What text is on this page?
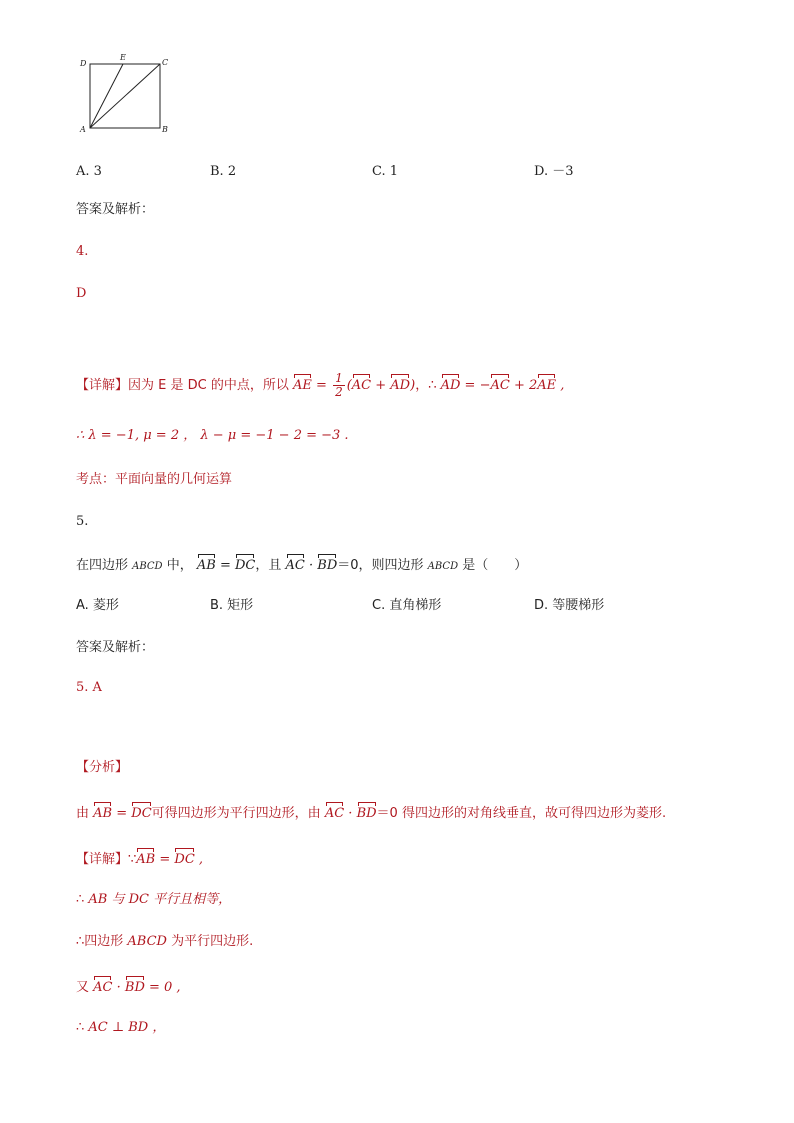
D
E
C
A	B
A. 3	B. 2	C. 1	D. －3
答案及解析：
4.
D
【详解】因为 E 是 DC 的中点，所以 AE = $\frac{1}{2} (AC + AD)$，∴ AD = −AC + 2AE ,
∴ λ = −1, μ = 2 ， λ − μ = −1 − 2 = −3 .
考点：平面向量的几何运算
5.
在四边形 ABCD 中， AB = DC，且 AC · BD＝0，则四边形 ABCD 是（　　）
A. 菱形	B. 矩形	C. 直角梯形	D. 等腰梯形
答案及解析：
5. A
【分析】
由 AB = DC可得四边形为平行四边形，由 AC · BD＝0 得四边形的对角线垂直，故可得四边形为菱形.
【详解】∵AB = DC ,
∴ AB 与 DC 平行且相等，
∴四边形 ABCD 为平行四边形.
又 AC · BD = 0 ,
∴ AC ⊥ BD ，
